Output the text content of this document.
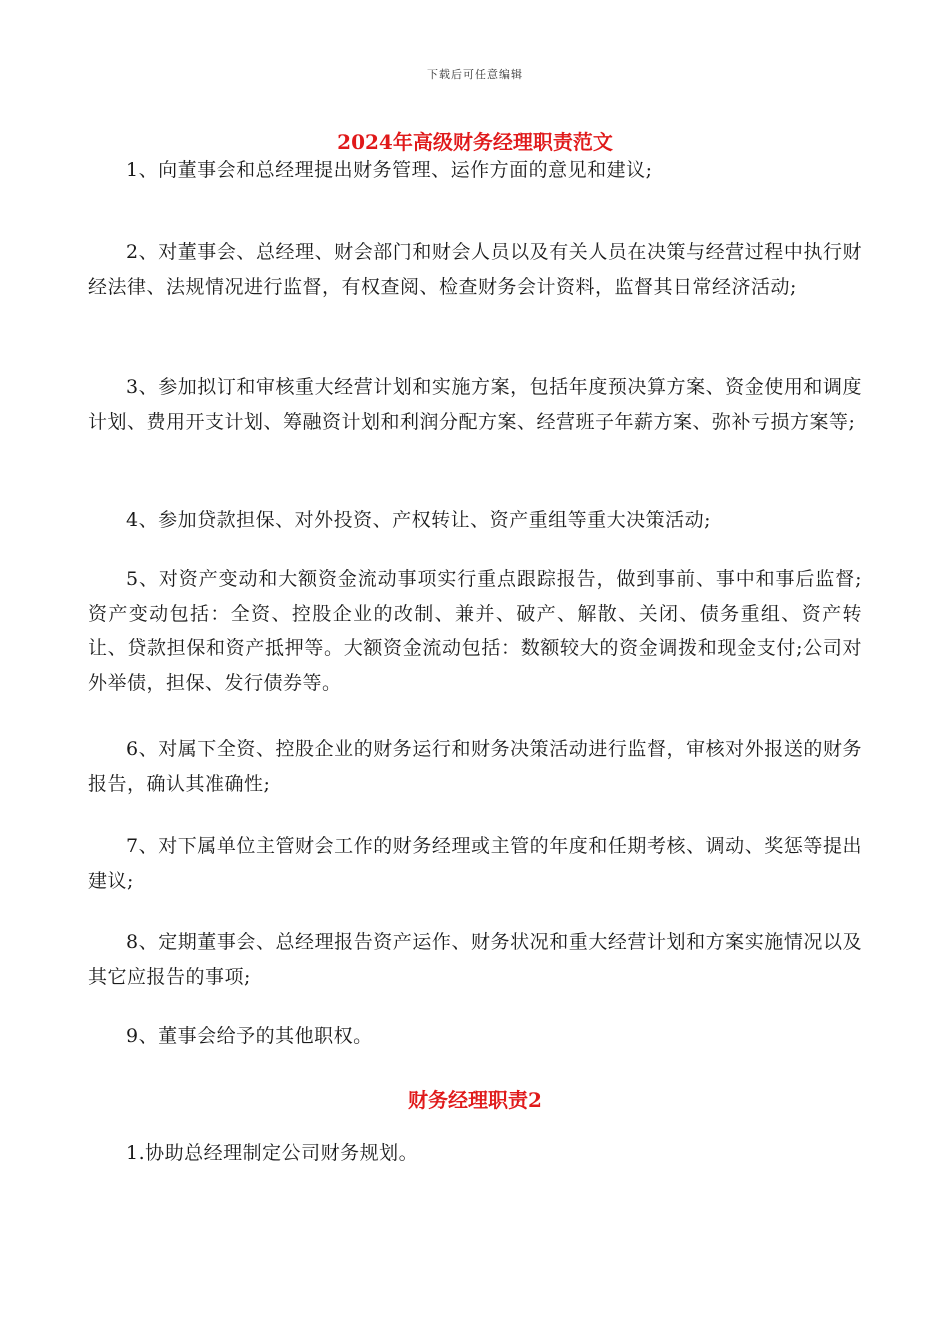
下载后可任意编辑
2024年高级财务经理职责范文

1、向董事会和总经理提出财务管理、运作方面的意见和建议;

2、对董事会、总经理、财会部门和财会人员以及有关人员在决策与经营过程中执行财经法律、法规情况进行监督，有权查阅、检查财务会计资料，监督其日常经济活动;

3、参加拟订和审核重大经营计划和实施方案，包括年度预决算方案、资金使用和调度计划、费用开支计划、筹融资计划和利润分配方案、经营班子年薪方案、弥补亏损方案等;

4、参加贷款担保、对外投资、产权转让、资产重组等重大决策活动;

5、对资产变动和大额资金流动事项实行重点跟踪报告，做到事前、事中和事后监督;资产变动包括：全资、控股企业的改制、兼并、破产、解散、关闭、债务重组、资产转让、贷款担保和资产抵押等。大额资金流动包括：数额较大的资金调拨和现金支付;公司对外举债，担保、发行债券等。

6、对属下全资、控股企业的财务运行和财务决策活动进行监督，审核对外报送的财务报告，确认其准确性;

7、对下属单位主管财会工作的财务经理或主管的年度和任期考核、调动、奖惩等提出建议;

8、定期董事会、总经理报告资产运作、财务状况和重大经营计划和方案实施情况以及其它应报告的事项;

9、董事会给予的其他职权。

财务经理职责2

1.协助总经理制定公司财务规划。
